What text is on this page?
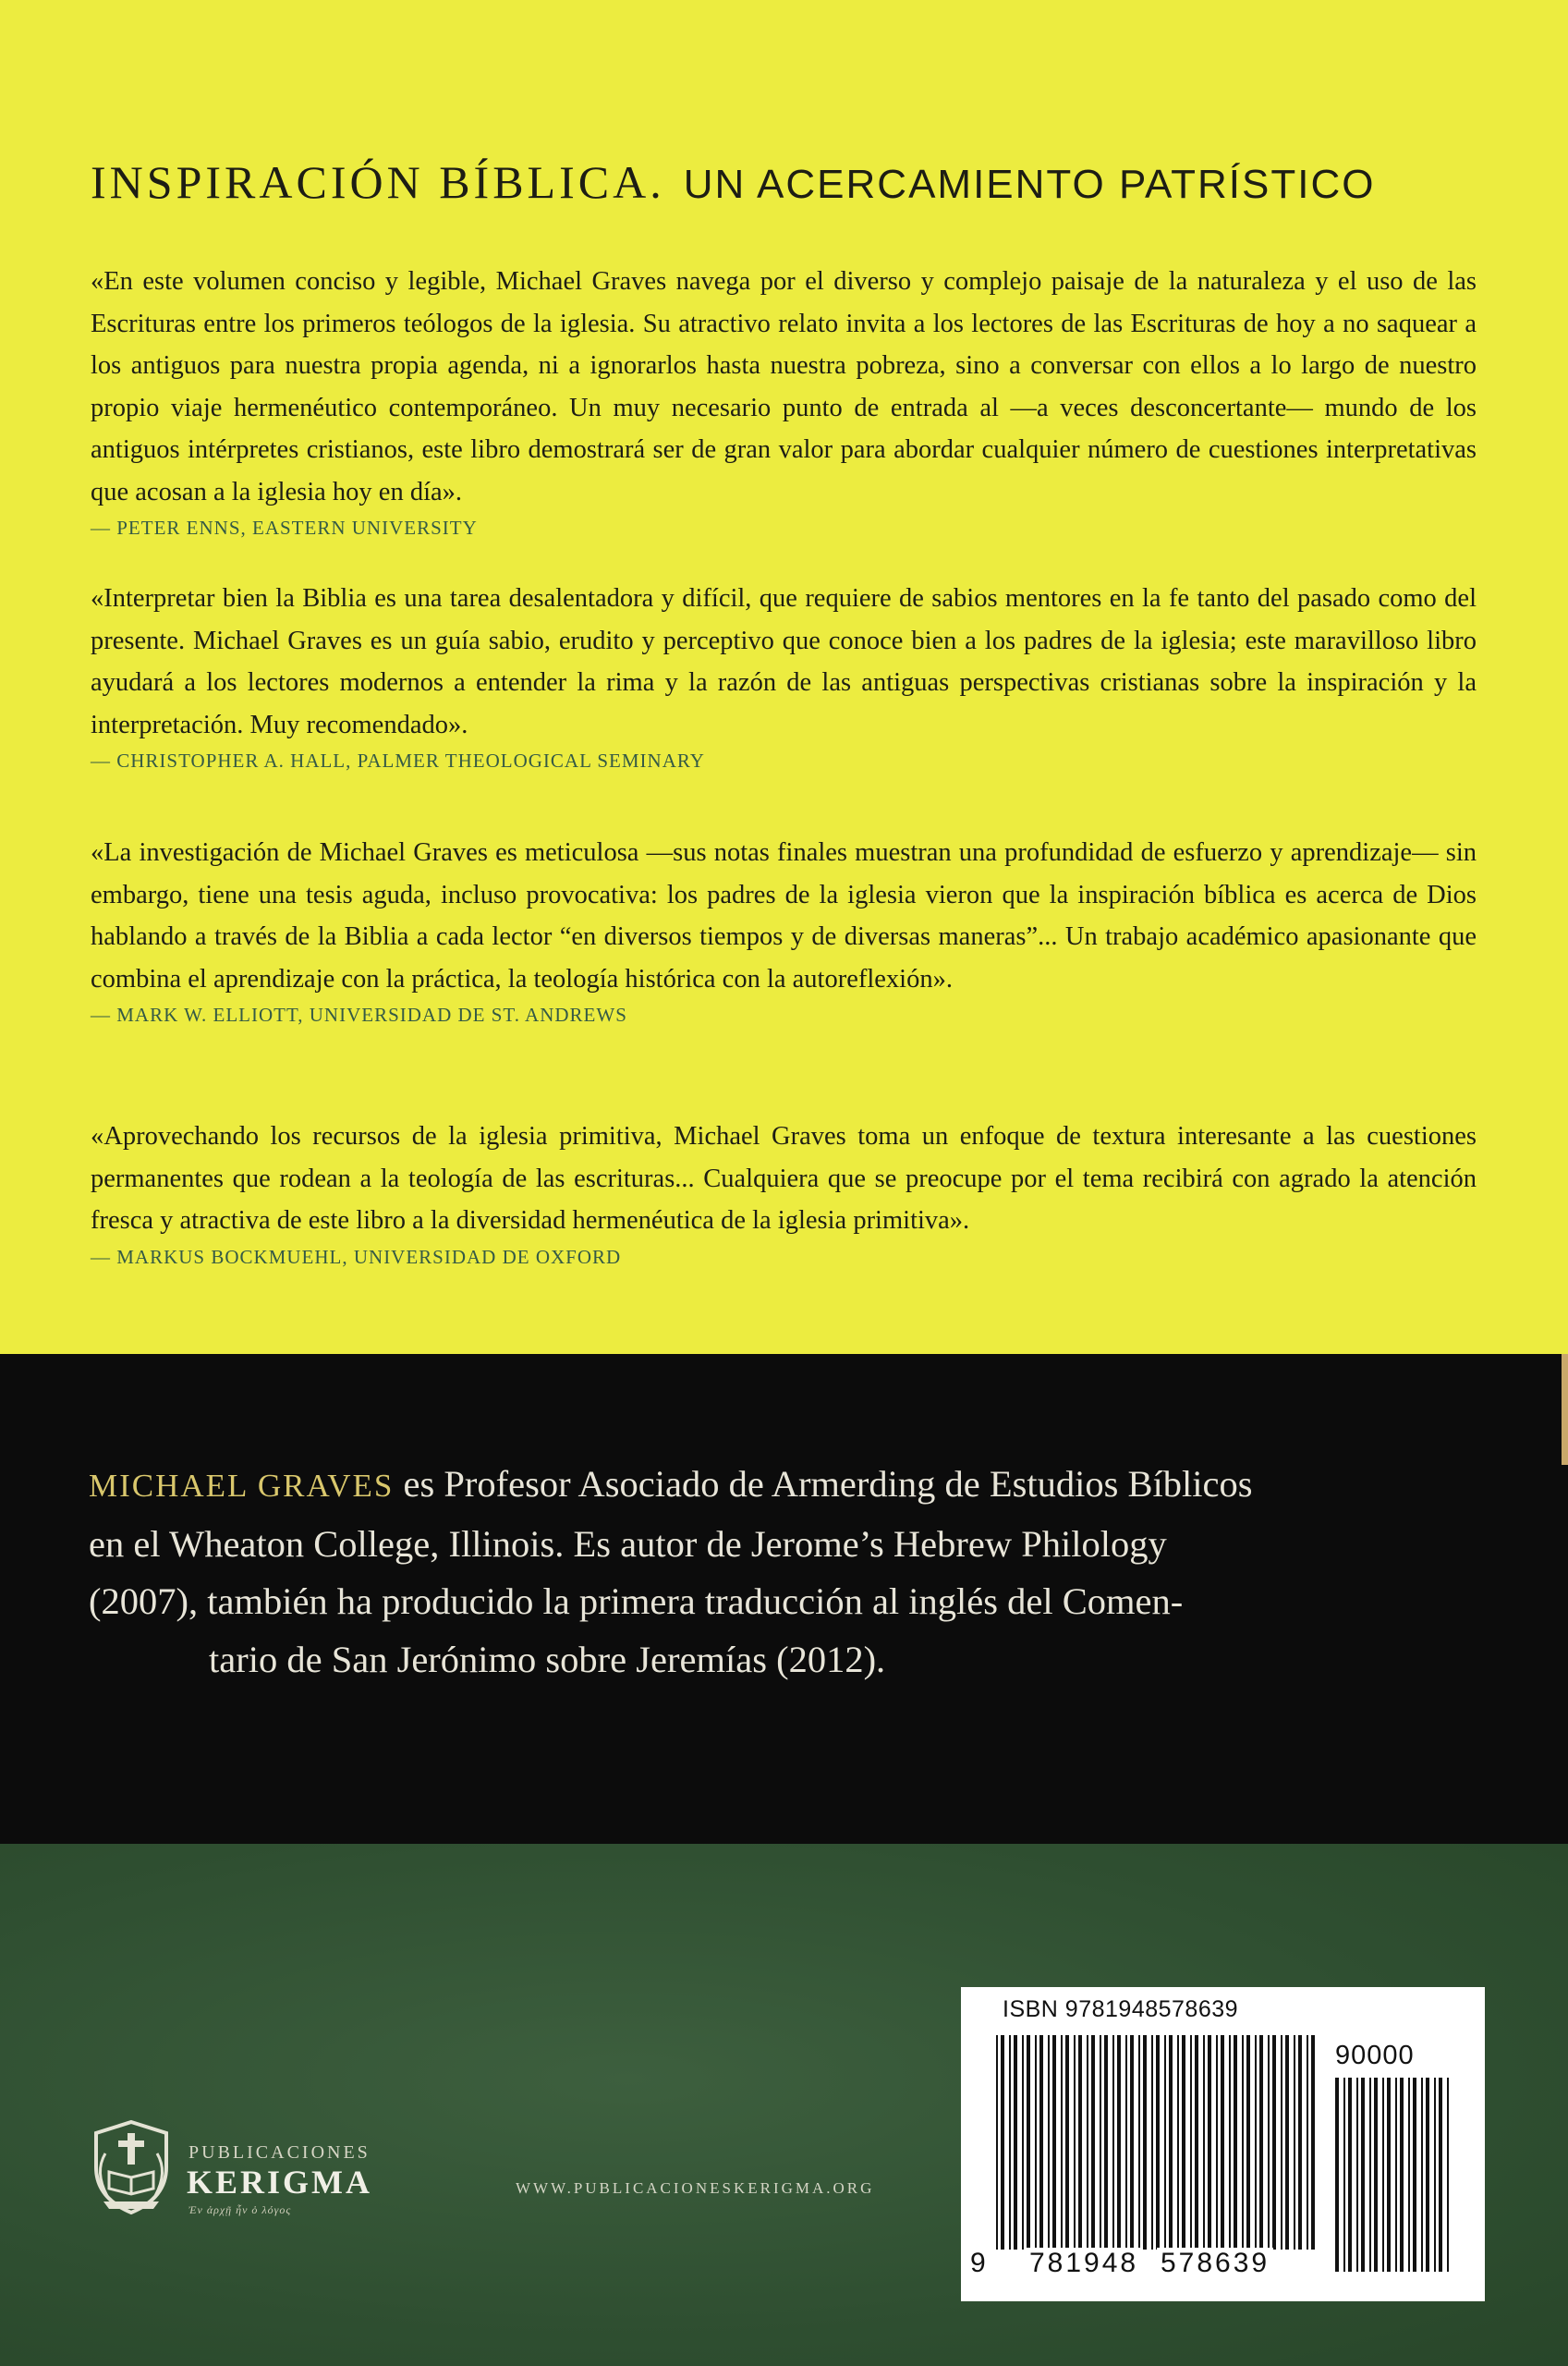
INSPIRACIÓN BÍBLICA. UN ACERCAMIENTO PATRÍSTICO

«En este volumen conciso y legible, Michael Graves navega por el diverso y complejo paisaje de la naturaleza y el uso de las Escrituras entre los primeros teólogos de la iglesia. Su atractivo relato invita a los lectores de las Escrituras de hoy a no saquear a los antiguos para nuestra propia agenda, ni a ignorarlos hasta nuestra pobreza, sino a conversar con ellos a lo largo de nuestro propio viaje hermenéutico contemporáneo. Un muy necesario punto de entrada al —a veces desconcertante— mundo de los antiguos intérpretes cristianos, este libro demostrará ser de gran valor para abordar cualquier número de cuestiones interpretativas que acosan a la iglesia hoy en día».

— PETER ENNS, EASTERN UNIVERSITY

«Interpretar bien la Biblia es una tarea desalentadora y difícil, que requiere de sabios mentores en la fe tanto del pasado como del presente. Michael Graves es un guía sabio, erudito y perceptivo que conoce bien a los padres de la iglesia; este maravilloso libro ayudará a los lectores modernos a entender la rima y la razón de las antiguas perspectivas cristianas sobre la inspiración y la interpretación. Muy recomendado».

— CHRISTOPHER A. HALL, PALMER THEOLOGICAL SEMINARY

«La investigación de Michael Graves es meticulosa —sus notas finales muestran una profundidad de esfuerzo y aprendizaje— sin embargo, tiene una tesis aguda, incluso provocativa: los padres de la iglesia vieron que la inspiración bíblica es acerca de Dios hablando a través de la Biblia a cada lector “en diversos tiempos y de diversas maneras”... Un trabajo académico apasionante que combina el aprendizaje con la práctica, la teología histórica con la autoreflexión».

— MARK W. ELLIOTT, UNIVERSIDAD DE ST. ANDREWS

«Aprovechando los recursos de la iglesia primitiva, Michael Graves toma un enfoque de textura interesante a las cuestiones permanentes que rodean a la teología de las escrituras... Cualquiera que se preocupe por el tema recibirá con agrado la atención fresca y atractiva de este libro a la diversidad hermenéutica de la iglesia primitiva».

— MARKUS BOCKMUEHL, UNIVERSIDAD DE OXFORD

MICHAEL GRAVES es Profesor Asociado de Armerding de Estudios Bíblicos
en el Wheaton College, Illinois. Es autor de Jerome’s Hebrew Philology
(2007), también ha producido la primera traducción al inglés del Comen-

tario de San Jerónimo sobre Jeremías (2012).

PUBLICACIONES
KERIGMA
Ἐν ἀρχῇ ἦν ὁ λόγος
WWW.PUBLICACIONESKERIGMA.ORG
ISBN 9781948578639
90000
9 781948 578639
